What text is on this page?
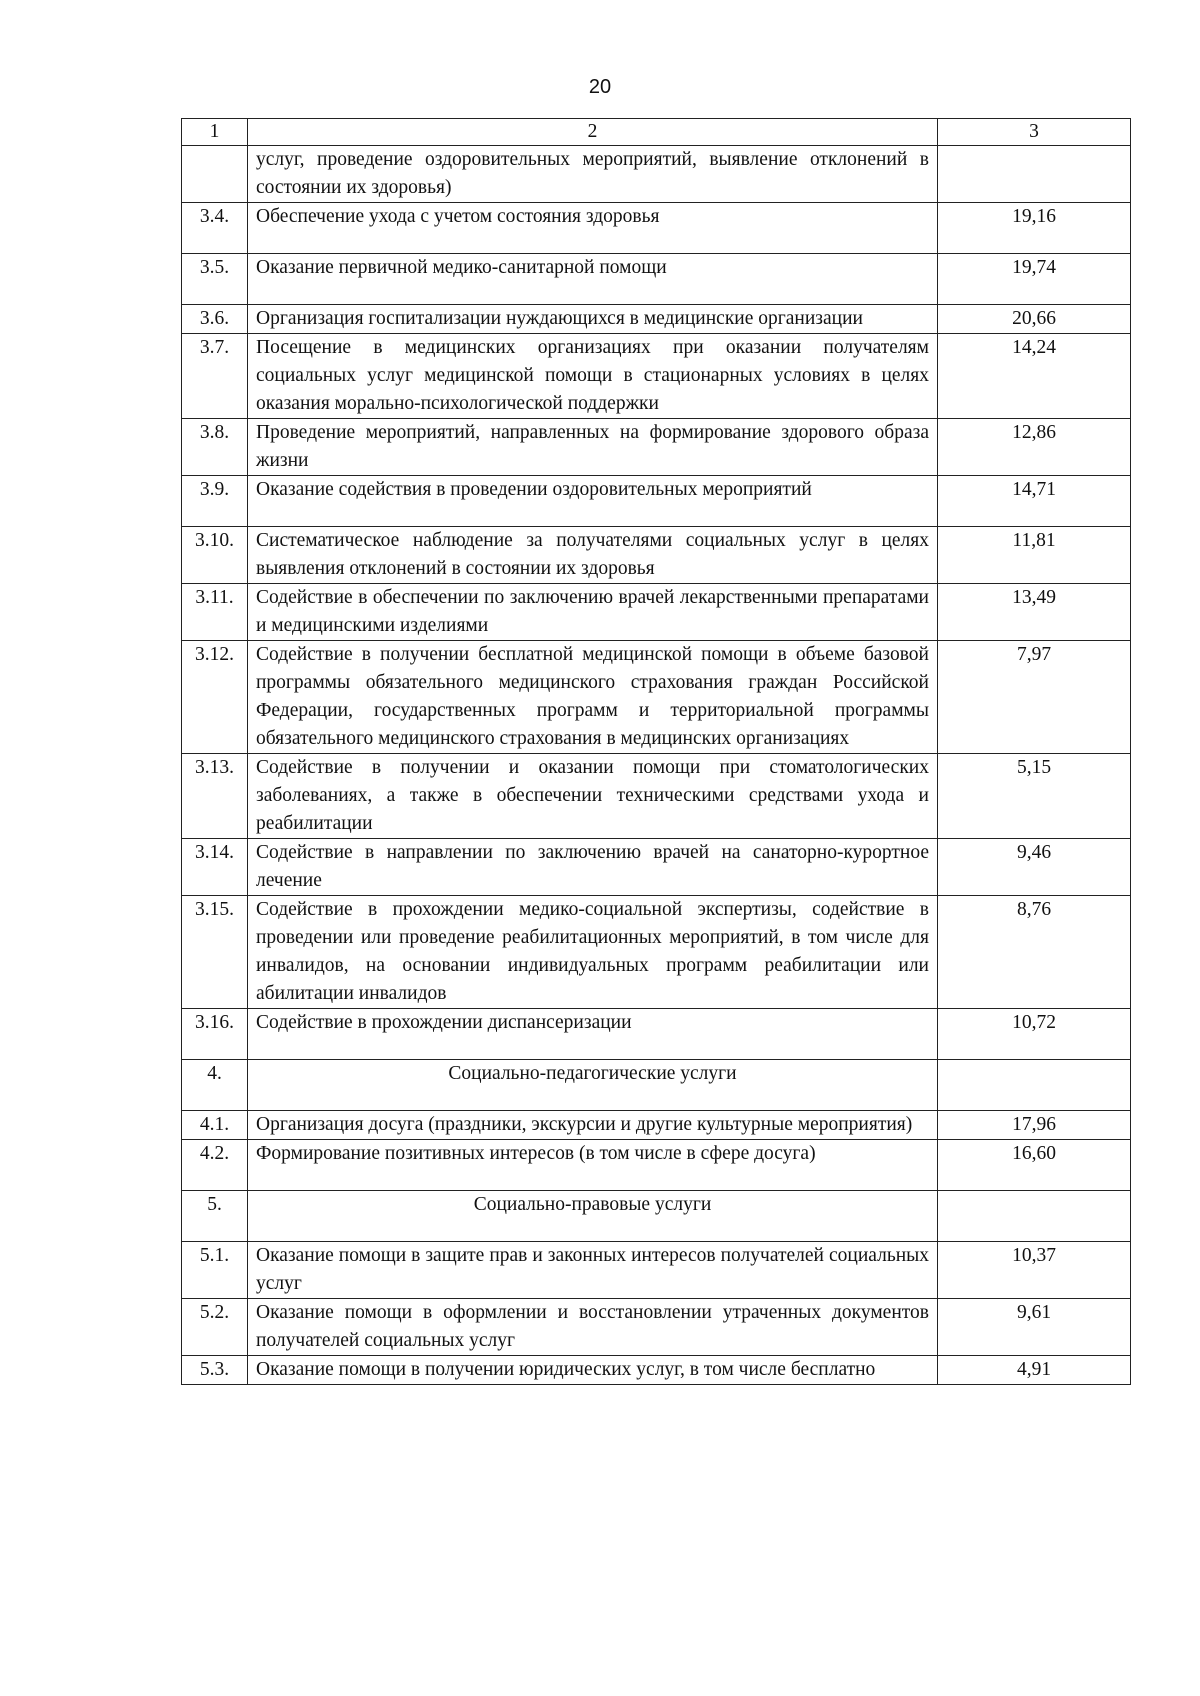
20
1	2	3
	услуг, проведение оздоровительных мероприятий, выявление отклонений в состоянии их здоровья)	
3.4.	Обеспечение ухода с учетом состояния здоровья	19,16
3.5.	Оказание первичной медико-санитарной помощи	19,74
3.6.	Организация госпитализации нуждающихся в медицинские организации	20,66
3.7.	Посещение в медицинских организациях при оказании получателям социальных услуг медицинской помощи в стационарных условиях в целях оказания морально-психологической поддержки	14,24
3.8.	Проведение мероприятий, направленных на формирование здорового образа жизни	12,86
3.9.	Оказание содействия в проведении оздоровительных мероприятий	14,71
3.10.	Систематическое наблюдение за получателями социальных услуг в целях выявления отклонений в состоянии их здоровья	11,81
3.11.	Содействие в обеспечении по заключению врачей лекарственными препаратами и медицинскими изделиями	13,49
3.12.	Содействие в получении бесплатной медицинской помощи в объеме базовой программы обязательного медицинского страхования граждан Российской Федерации, государственных программ и территориальной программы обязательного медицинского страхования в медицинских организациях	7,97
3.13.	Содействие в получении и оказании помощи при стоматологических заболеваниях, а также в обеспечении техническими средствами ухода и реабилитации	5,15
3.14.	Содействие в направлении по заключению врачей на санаторно-курортное лечение	9,46
3.15.	Содействие в прохождении медико-социальной экспертизы, содействие в проведении или проведение реабилитационных мероприятий, в том числе для инвалидов, на основании индивидуальных программ реабилитации или абилитации инвалидов	8,76
3.16.	Содействие в прохождении диспансеризации	10,72
4.	Социально-педагогические услуги	
4.1.	Организация досуга (праздники, экскурсии и другие культурные мероприятия)	17,96
4.2.	Формирование позитивных интересов (в том числе в сфере досуга)	16,60
5.	Социально-правовые услуги	
5.1.	Оказание помощи в защите прав и законных интересов получателей социальных услуг	10,37
5.2.	Оказание помощи в оформлении и восстановлении утраченных документов получателей социальных услуг	9,61
5.3.	Оказание помощи в получении юридических услуг, в том числе бесплатно	4,91
